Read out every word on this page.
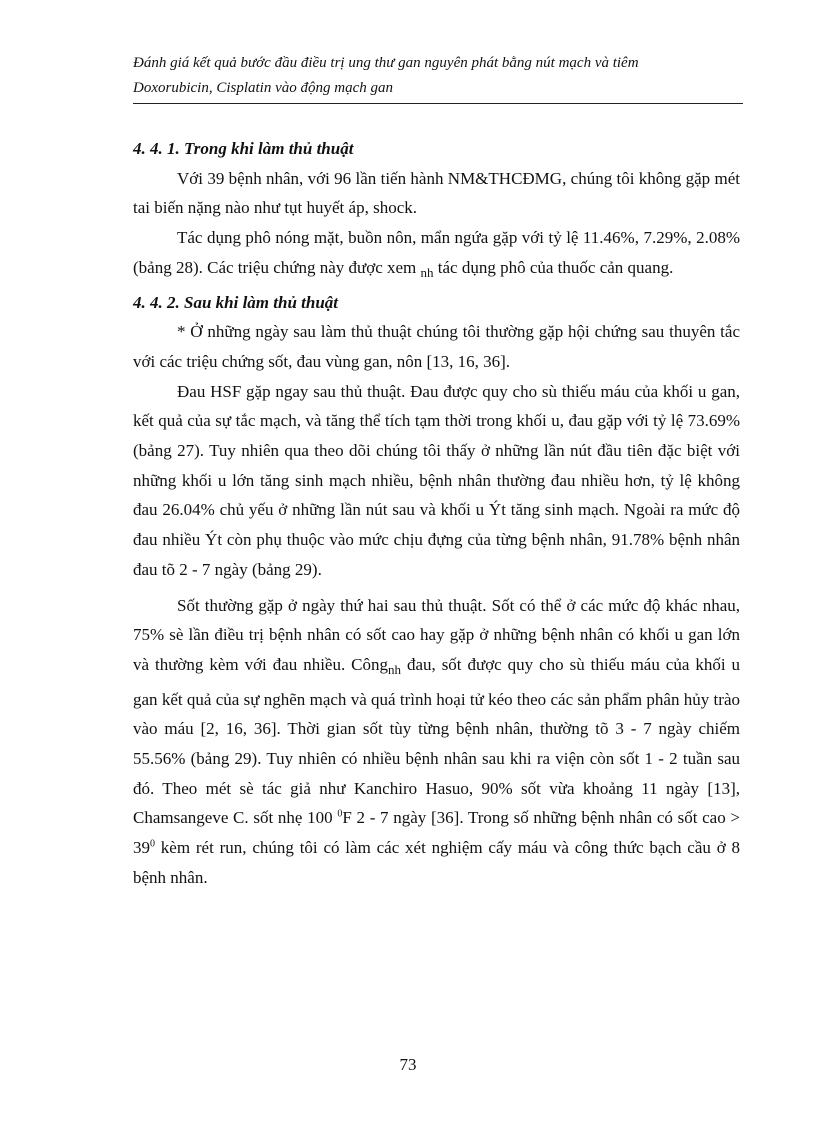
Đánh giá kết quả bước đầu điều trị ung thư gan nguyên phát bằng nút mạch và tiêm
Doxorubicin, Cisplatin vào động mạch gan

4. 4. 1. Trong khi làm thủ thuật

Với 39 bệnh nhân, với 96 lần tiến hành NM&THCĐMG, chúng tôi không gặp mét tai biến nặng nào như tụt huyết áp, shock.

Tác dụng phô nóng mặt, buồn nôn, mẩn ngứa gặp với tỷ lệ 11.46%, 7.29%, 2.08% (bảng 28). Các triệu chứng này được xem $_{nh}$ tác dụng phô của thuốc cản quang.

4. 4. 2. Sau khi làm thủ thuật

* Ở những ngày sau làm thủ thuật chúng tôi thường gặp hội chứng sau thuyên tắc với các triệu chứng sốt, đau vùng gan, nôn [13, 16, 36].

Đau HSF gặp ngay sau thủ thuật. Đau được quy cho sù thiếu máu của khối u gan, kết quả của sự tắc mạch, và tăng thể tích tạm thời trong khối u, đau gặp với tỷ lệ 73.69% (bảng 27). Tuy nhiên qua theo dõi chúng tôi thấy ở những lần nút đầu tiên đặc biệt với những khối u lớn tăng sinh mạch nhiều, bệnh nhân thường đau nhiều hơn, tỷ lệ không đau 26.04% chủ yếu ở những lần nút sau và khối u Ýt tăng sinh mạch. Ngoài ra mức độ đau nhiều Ýt còn phụ thuộc vào mức chịu đựng của từng bệnh nhân, 91.78% bệnh nhân đau tõ 2 - 7 ngày (bảng 29).

Sốt thường gặp ở ngày thứ hai sau thủ thuật. Sốt có thể ở các mức độ khác nhau, 75% sè lần điều trị bệnh nhân có sốt cao hay gặp ở những bệnh nhân có khối u gan lớn và thường kèm với đau nhiều. Công$_{nh}$ đau, sốt được quy cho sù thiếu máu của khối u gan kết quả của sự nghẽn mạch và quá trình hoại tử kéo theo các sản phẩm phân hủy trào vào máu [2, 16, 36]. Thời gian sốt tùy từng bệnh nhân, thường tõ 3 - 7 ngày chiếm 55.56% (bảng 29). Tuy nhiên có nhiều bệnh nhân sau khi ra viện còn sốt 1 - 2 tuần sau đó. Theo mét sè tác giả như Kanchiro Hasuo, 90% sốt vừa khoảng 11 ngày [13], Chamsangeve C. sốt nhẹ 100 $^0$F 2 - 7 ngày [36]. Trong số những bệnh nhân có sốt cao > $39^0$ kèm rét run, chúng tôi có làm các xét nghiệm cấy máu và công thức bạch cầu ở 8 bệnh nhân.

73
